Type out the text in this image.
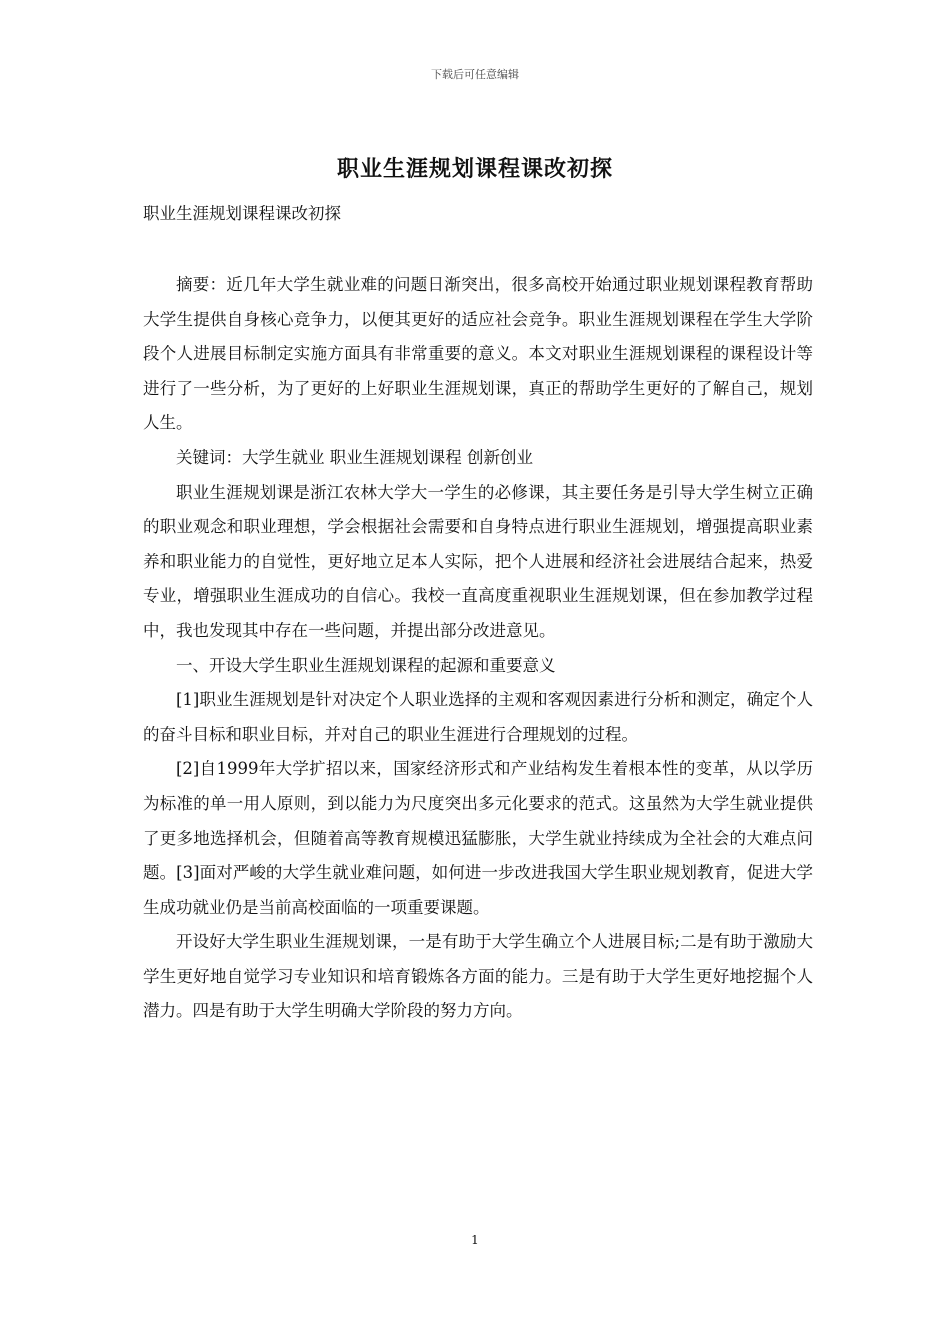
下载后可任意编辑
职业生涯规划课程课改初探
职业生涯规划课程课改初探

摘要：近几年大学生就业难的问题日渐突出，很多高校开始通过职业规划课程教育帮助大学生提供自身核心竞争力，以便其更好的适应社会竞争。职业生涯规划课程在学生大学阶段个人进展目标制定实施方面具有非常重要的意义。本文对职业生涯规划课程的课程设计等进行了一些分析，为了更好的上好职业生涯规划课，真正的帮助学生更好的了解自己，规划人生。

关键词：大学生就业 职业生涯规划课程 创新创业

职业生涯规划课是浙江农林大学大一学生的必修课，其主要任务是引导大学生树立正确的职业观念和职业理想，学会根据社会需要和自身特点进行职业生涯规划，增强提高职业素养和职业能力的自觉性，更好地立足本人实际，把个人进展和经济社会进展结合起来，热爱专业，增强职业生涯成功的自信心。我校一直高度重视职业生涯规划课，但在参加教学过程中，我也发现其中存在一些问题，并提出部分改进意见。

一、开设大学生职业生涯规划课程的起源和重要意义

[1]职业生涯规划是针对决定个人职业选择的主观和客观因素进行分析和测定，确定个人的奋斗目标和职业目标，并对自己的职业生涯进行合理规划的过程。

[2]自1999年大学扩招以来，国家经济形式和产业结构发生着根本性的变革，从以学历为标准的单一用人原则，到以能力为尺度突出多元化要求的范式。这虽然为大学生就业提供了更多地选择机会，但随着高等教育规模迅猛膨胀，大学生就业持续成为全社会的大难点问题。[3]面对严峻的大学生就业难问题，如何进一步改进我国大学生职业规划教育，促进大学生成功就业仍是当前高校面临的一项重要课题。

开设好大学生职业生涯规划课，一是有助于大学生确立个人进展目标;二是有助于激励大学生更好地自觉学习专业知识和培育锻炼各方面的能力。三是有助于大学生更好地挖掘个人潜力。四是有助于大学生明确大学阶段的努力方向。

1
